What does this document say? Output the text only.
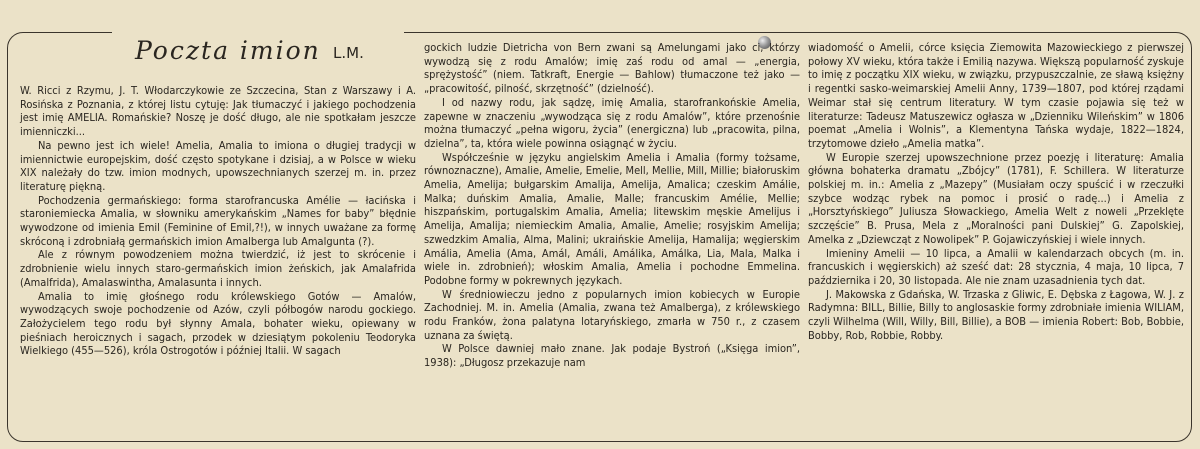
Poczta imion L.M.

W. Ricci z Rzymu, J. T. Włodarczykowie ze Szczecina, Stan z Warszawy i A. Rosińska z Poznania, z której listu cytuję: Jak tłumaczyć i jakiego pochodzenia jest imię AMELIA. Romańskie? Noszę je dość długo, ale nie spotkałam jeszcze imienniczki...

Na pewno jest ich wiele! Amelia, Amalia to imiona o długiej tradycji w imiennictwie europejskim, dość często spotykane i dzisiaj, a w Polsce w wieku XIX należały do tzw. imion modnych, upowszechnianych szerzej m. in. przez literaturę piękną.

Pochodzenia germańskiego: forma starofrancuska Amélie — łacińska i staroniemiecka Amalia, w słowniku amerykańskim „Names for baby” błędnie wywodzone od imienia Emil (Feminine of Emil,?!), w innych uważane za formę skróconą i zdrobniałą germańskich imion Amalberga lub Amalgunta (?).

Ale z równym powodzeniem można twierdzić, iż jest to skrócenie i zdrobnienie wielu innych staro-germańskich imion żeńskich, jak Amalafrida (Amalfrida), Amalaswintha, Amalasunta i innych.

Amalia to imię głośnego rodu królewskiego Gotów — Amalów, wywodzących swoje pochodzenie od Azów, czyli półbogów narodu gockiego. Założycielem tego rodu był słynny Amala, bohater wieku, opiewany w pieśniach heroicznych i sagach, przodek w dziesiątym pokoleniu Teodoryka Wielkiego (455—526), króla Ostrogotów i później Italii. W sagach

gockich ludzie Dietricha von Bern zwani są Amelungami jako ci, którzy wywodzą się z rodu Amalów; imię zaś rodu od amal — „energia, sprężystość” (niem. Tatkraft, Energie — Bahlow) tłumaczone też jako — „pracowitość, pilność, skrzętność” (dzielność).

I od nazwy rodu, jak sądzę, imię Amalia, starofrankońskie Amelia, zapewne w znaczeniu „wywodząca się z rodu Amalów”, które przenośnie można tłumaczyć „pełna wigoru, życia” (energiczna) lub „pracowita, pilna, dzielna”, ta, która wiele powinna osiągnąć w życiu.

Współcześnie w języku angielskim Amelia i Amalia (formy tożsame, równoznaczne), Amalie, Amelie, Emelie, Mell, Mellie, Mill, Millie; białoruskim Amelia, Amelija; bułgarskim Amalija, Amelija, Amalica; czeskim Amálie, Malka; duńskim Amalia, Amalie, Malle; francuskim Amélie, Mellie; hiszpańskim, portugalskim Amalia, Amelia; litewskim męskie Amelijus i Amelija, Amalija; niemieckim Amalia, Amalie, Amelie; rosyjskim Amelija; szwedzkim Amalia, Alma, Malini; ukraińskie Amelija, Hamalija; węgierskim Amália, Amelia (Ama, Amál, Amáli, Amálika, Amálka, Lia, Mala, Malka i wiele in. zdrobnień); włoskim Amalia, Amelia i pochodne Emmelina. Podobne formy w pokrewnych językach.

W średniowieczu jedno z popularnych imion kobiecych w Europie Zachodniej. M. in. Amelia (Amalia, zwana też Amalberga), z królewskiego rodu Franków, żona palatyna lotaryńskiego, zmarła w 750 r., z czasem uznana za świętą.

W Polsce dawniej mało znane. Jak podaje Bystroń („Księga imion”, 1938): „Długosz przekazuje nam

wiadomość o Amelii, córce księcia Ziemowita Mazowieckiego z pierwszej połowy XV wieku, która także i Emilią nazywa. Większą popularność zyskuje to imię z początku XIX wieku, w związku, przypuszczalnie, ze sławą księżny i regentki saskо-weimarskiej Amelii Anny, 1739—1807, pod której rządami Weimar stał się centrum literatury. W tym czasie pojawia się też w literaturze: Tadeusz Matuszewicz ogłasza w „Dzienniku Wileńskim” w 1806 poemat „Amelia i Wolnis”, a Klementyna Tańska wydaje, 1822—1824, trzytomowe dzieło „Amelia matka”.

W Europie szerzej upowszechnione przez poezję i literaturę: Amalia główna bohaterka dramatu „Zbójcy” (1781), F. Schillera. W literaturze polskiej m. in.: Amelia z „Mazepy” (Musiałam oczy spuścić i w rzeczułki szybce wodząc rybek na pomoc i prosić o radę...) i Amelia z „Horsztyńskiego” Juliusza Słowackiego, Amelia Welt z noweli „Przeklęte szczęście” B. Prusa, Mela z „Moralności pani Dulskiej” G. Zapolskiej, Amelka z „Dziewcząt z Nowolipek” P. Gojawiczyńskiej i wiele innych.

Imieniny Amelii — 10 lipca, a Amalii w kalendarzach obcych (m. in. francuskich i węgierskich) aż sześć dat: 28 stycznia, 4 maja, 10 lipca, 7 października i 20, 30 listopada. Ale nie znam uzasadnienia tych dat.

J. Makowska z Gdańska, W. Trzaska z Gliwic, E. Dębska z Łagowa, W. J. z Radymna: BILL, Billie, Billy to anglosaskie formy zdrobniałe imienia WILIAM, czyli Wilhelma (Will, Willy, Bill, Billie), a BOB — imienia Robert: Bob, Bobbie, Bobby, Rob, Robbie, Robby.
